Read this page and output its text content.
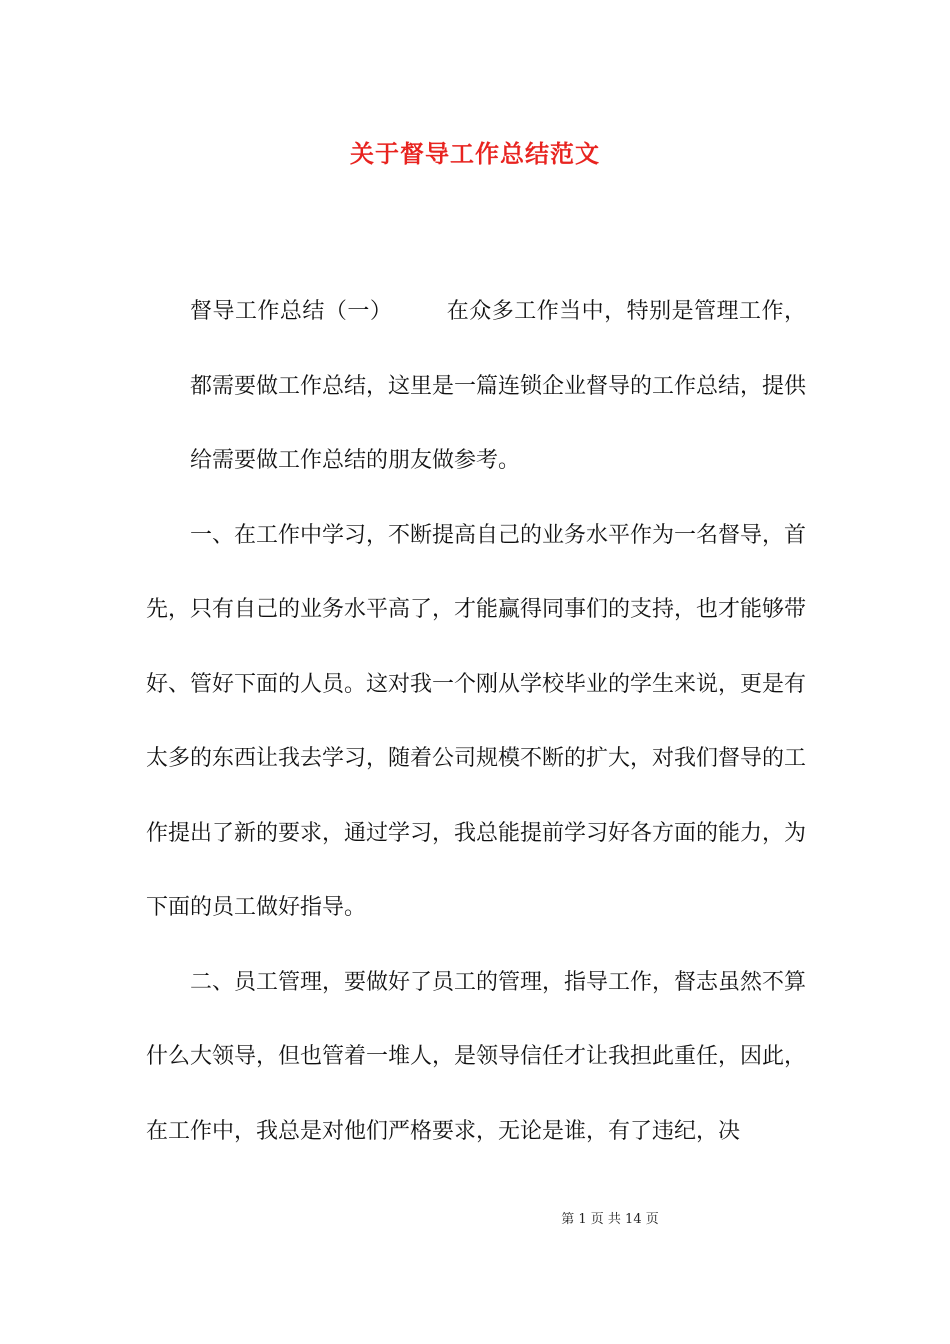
关于督导工作总结范文

督导工作总结（一） 在众多工作当中，特别是管理工作，都需要做工作总结，这里是一篇连锁企业督导的工作总结，提供给需要做工作总结的朋友做参考。

一、在工作中学习，不断提高自己的业务水平作为一名督导，首先，只有自己的业务水平高了，才能赢得同事们的支持，也才能够带好、管好下面的人员。这对我一个刚从学校毕业的学生来说，更是有太多的东西让我去学习，随着公司规模不断的扩大，对我们督导的工作提出了新的要求，通过学习，我总能提前学习好各方面的能力，为下面的员工做好指导。

二、员工管理，要做好了员工的管理，指导工作，督志虽然不算什么大领导，但也管着一堆人，是领导信任才让我担此重任，因此，在工作中，我总是对他们严格要求，无论是谁，有了违纪，决

第 1 页 共 14 页
